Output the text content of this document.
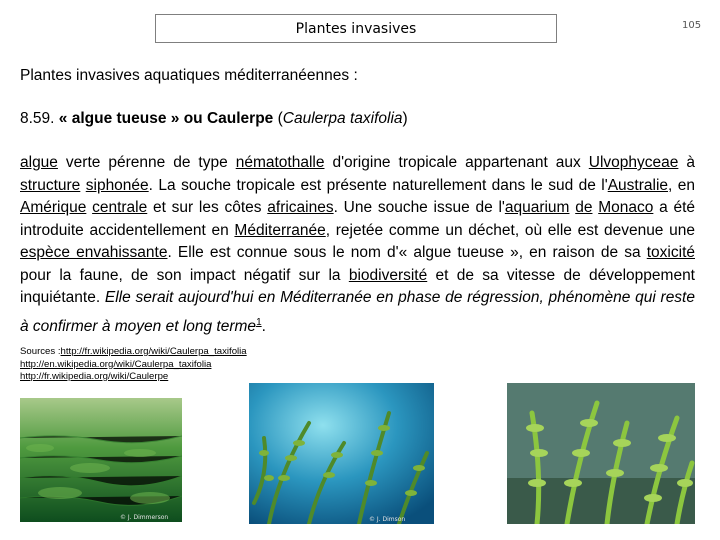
Plantes invasives	105
Plantes invasives aquatiques méditerranéennes :
8.59. « algue tueuse » ou Caulerpe (Caulerpa taxifolia)
algue verte pérenne de type nématothalle d'origine tropicale appartenant aux Ulvophyceae à structure siphonée. La souche tropicale est présente naturellement dans le sud de l'Australie, en Amérique centrale et sur les côtes africaines. Une souche issue de l'aquarium de Monaco a été introduite accidentellement en Méditerranée, rejetée comme un déchet, où elle est devenue une espèce envahissante. Elle est connue sous le nom d'« algue tueuse », en raison de sa toxicité pour la faune, de son impact négatif sur la biodiversité et de sa vitesse de développement inquiétante. Elle serait aujourd'hui en Méditerranée en phase de régression, phénomène qui reste à confirmer à moyen et long terme$^1$.
Sources : http://fr.wikipedia.org/wiki/Caulerpa_taxifolia
http://en.wikipedia.org/wiki/Caulerpa_taxifolia
http://fr.wikipedia.org/wiki/Caulerpe
© J. Dimmerson	© J. Dimson
